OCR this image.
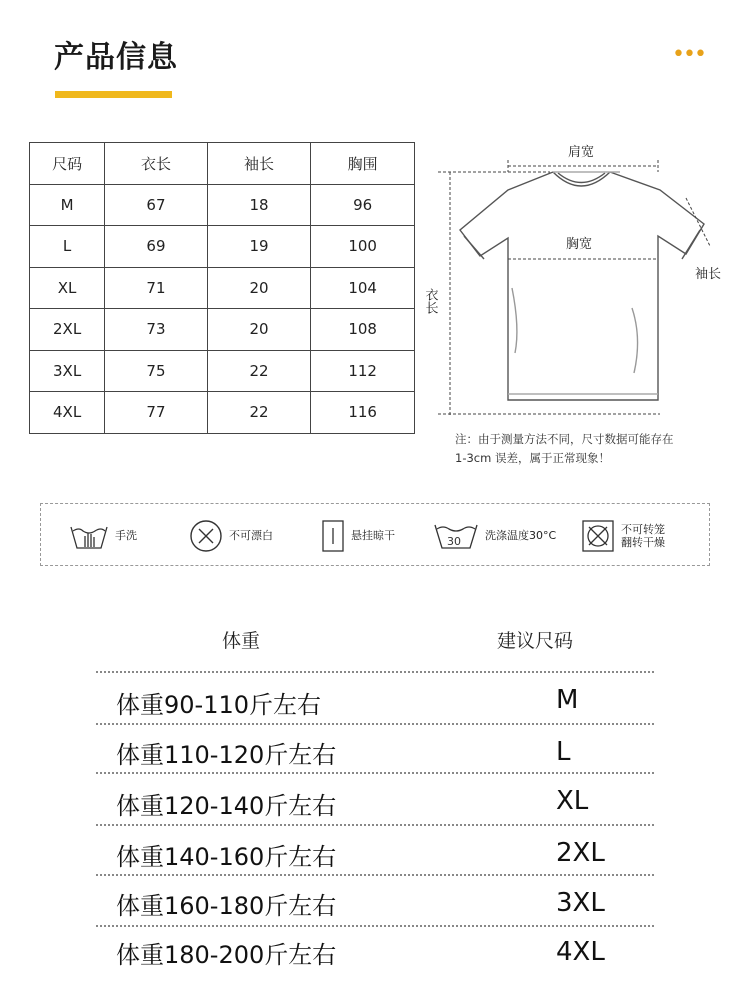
产品信息	•••
尺码	衣长	袖长	胸围
M	67	18	96
L	69	19	100
XL	71	20	104
2XL	73	20	108
3XL	75	22	112
4XL	77	22	116
肩宽
胸宽
袖长
衣长
注：由于测量方法不同，尺寸数据可能存在
1-3cm 误差，属于正常现象！
手洗	不可漂白	悬挂晾干	30 洗涤温度30°C	不可转笼
翻转干燥
体重	建议尺码
体重90-110斤左右	M
体重110-120斤左右	L
体重120-140斤左右	XL
体重140-160斤左右	2XL
体重160-180斤左右	3XL
体重180-200斤左右	4XL
